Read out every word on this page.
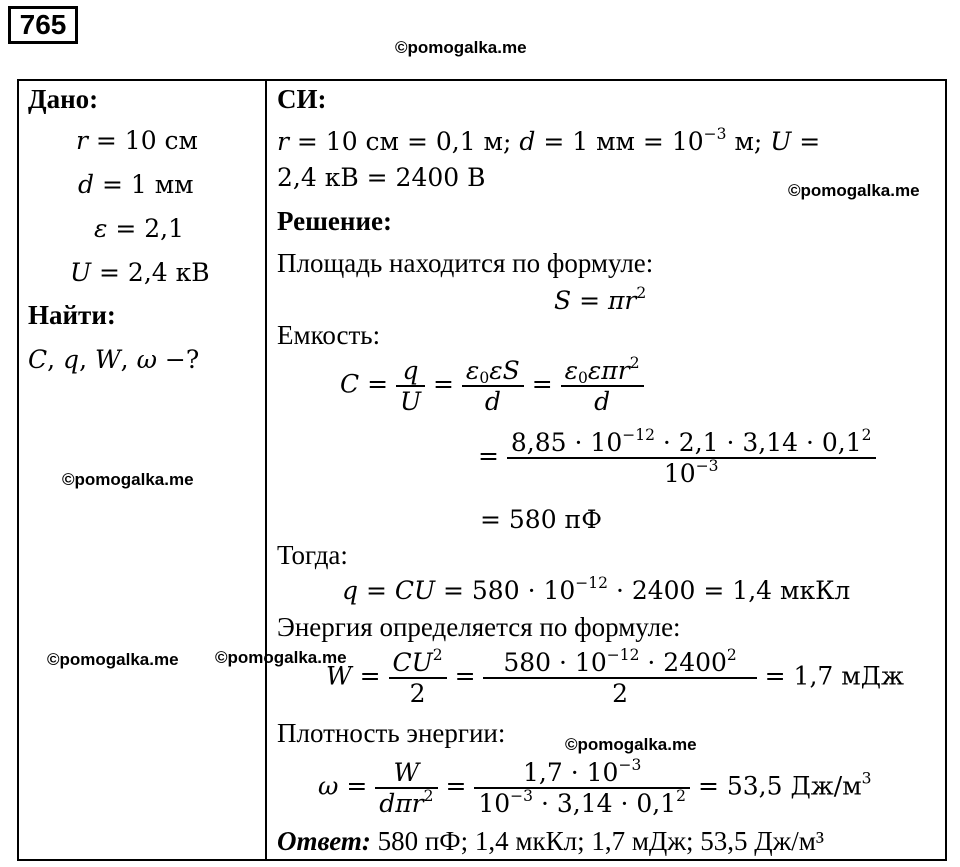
765
©pomogalka.me
Дано:
r = 10 см
d = 1 мм
ε = 2,1
U = 2,4 кВ
Найти:
C, q, W, ω −?
©pomogalka.me
©pomogalka.me ©pomogalka.me
СИ:
r = 10 см = 0,1 м; d = 1 мм = $10^{-3}$ м; U =
2,4 кВ = 2400 В	©pomogalka.me
Решение:
Площадь находится по формуле:
$S = \pi r^2$
Емкость:
$C = \frac{q}{U} = \frac{\varepsilon_0\varepsilon S}{d} = \frac{\varepsilon_0\varepsilon\pi r^2}{d}$
= $\frac{8,85 \cdot 10^{-12} \cdot 2,1 \cdot 3,14 \cdot 0,1^2}{10^{-3}}$
= 580 пФ
Тогда:
q = CU = $580 \cdot 10^{-12} \cdot 2400 = 1,4$ мкКл
Энергия определяется по формуле:
$W = \frac{CU^2}{2} = \frac{580 \cdot 10^{-12} \cdot 2400^2}{2} = 1,7$ мДж
Плотность энергии:	©pomogalka.me
$\omega = \frac{W}{d\pi r^2} = \frac{1,7 \cdot 10^{-3}}{10^{-3} \cdot 3,14 \cdot 0,1^2} = 53,5$ $Дж/м^3$
Ответ: 580 пФ; 1,4 мкКл; 1,7 мДж; 53,5 Дж/м³
